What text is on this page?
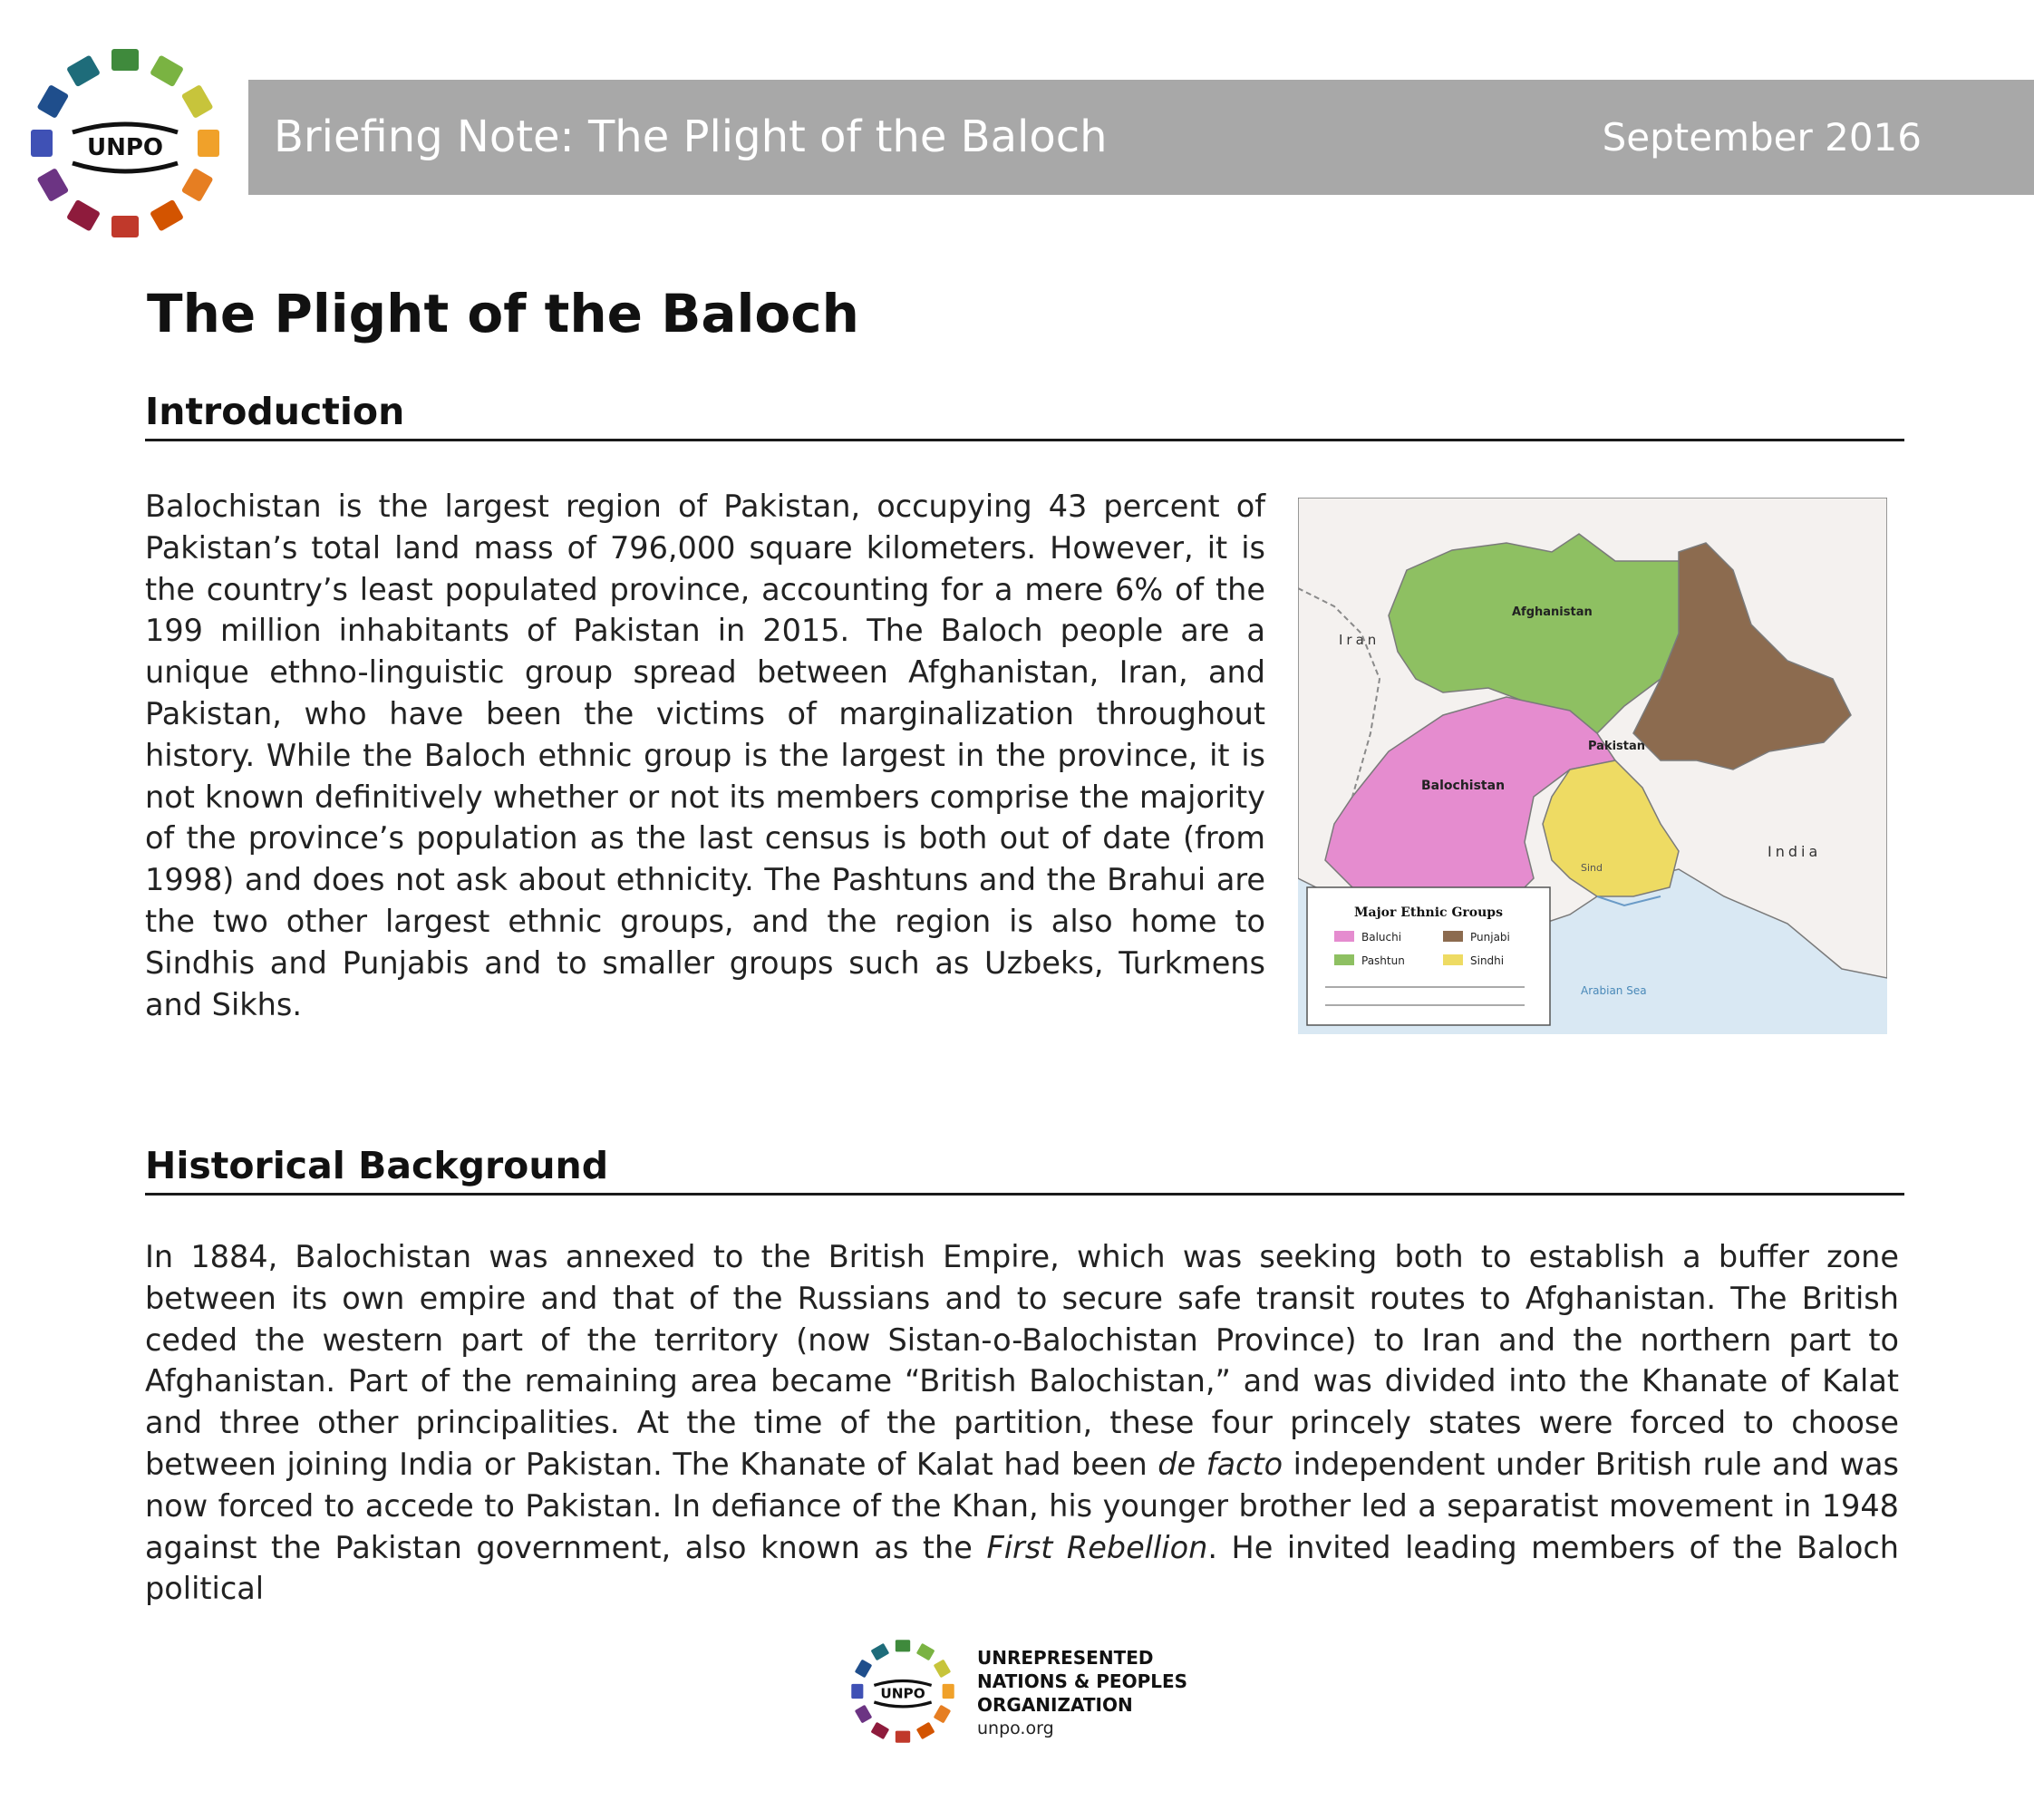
UNPO	Briefing Note: The Plight of the Baloch	September 2016
The Plight of the Baloch
Introduction

Balochistan is the largest region of Pakistan, occupying 43 percent of Pakistan’s total land mass of 796,000 square kilometers. However, it is the country’s least populated province, accounting for a mere 6% of the 199 million inhabitants of Pakistan in 2015. The Baloch people are a unique ethno-linguistic group spread between Afghanistan, Iran, and Pakistan, who have been the victims of marginalization throughout history. While the Baloch ethnic group is the largest in the province, it is not known definitively whether or not its members comprise the majority of the province’s population as the last census is both out of date (from 1998) and does not ask about ethnicity. The Pashtuns and the Brahui are the two other largest ethnic groups, and the region is also home to Sindhis and Punjabis and to smaller groups such as Uzbeks, Turkmens and Sikhs.

Iran
Afghanistan
Pakistan
Balochistan
India
Sind
Arabian Sea
Major Ethnic Groups
Baluchi	Punjabi
Pashtun	Sindhi
Historical Background

In 1884, Balochistan was annexed to the British Empire, which was seeking both to establish a buffer zone between its own empire and that of the Russians and to secure safe transit routes to Afghanistan. The British ceded the western part of the territory (now Sistan-o-Balochistan Province) to Iran and the northern part to Afghanistan. Part of the remaining area became “British Balochistan,” and was divided into the Khanate of Kalat and three other principalities. At the time of the partition, these four princely states were forced to choose between joining India or Pakistan. The Khanate of Kalat had been de facto independent under British rule and was now forced to accede to Pakistan. In defiance of the Khan, his younger brother led a separatist movement in 1948 against the Pakistan government, also known as the First Rebellion. He invited leading members of the Baloch political

UNPO
UNREPRESENTED
NATIONS & PEOPLES
ORGANIZATION
unpo.org
